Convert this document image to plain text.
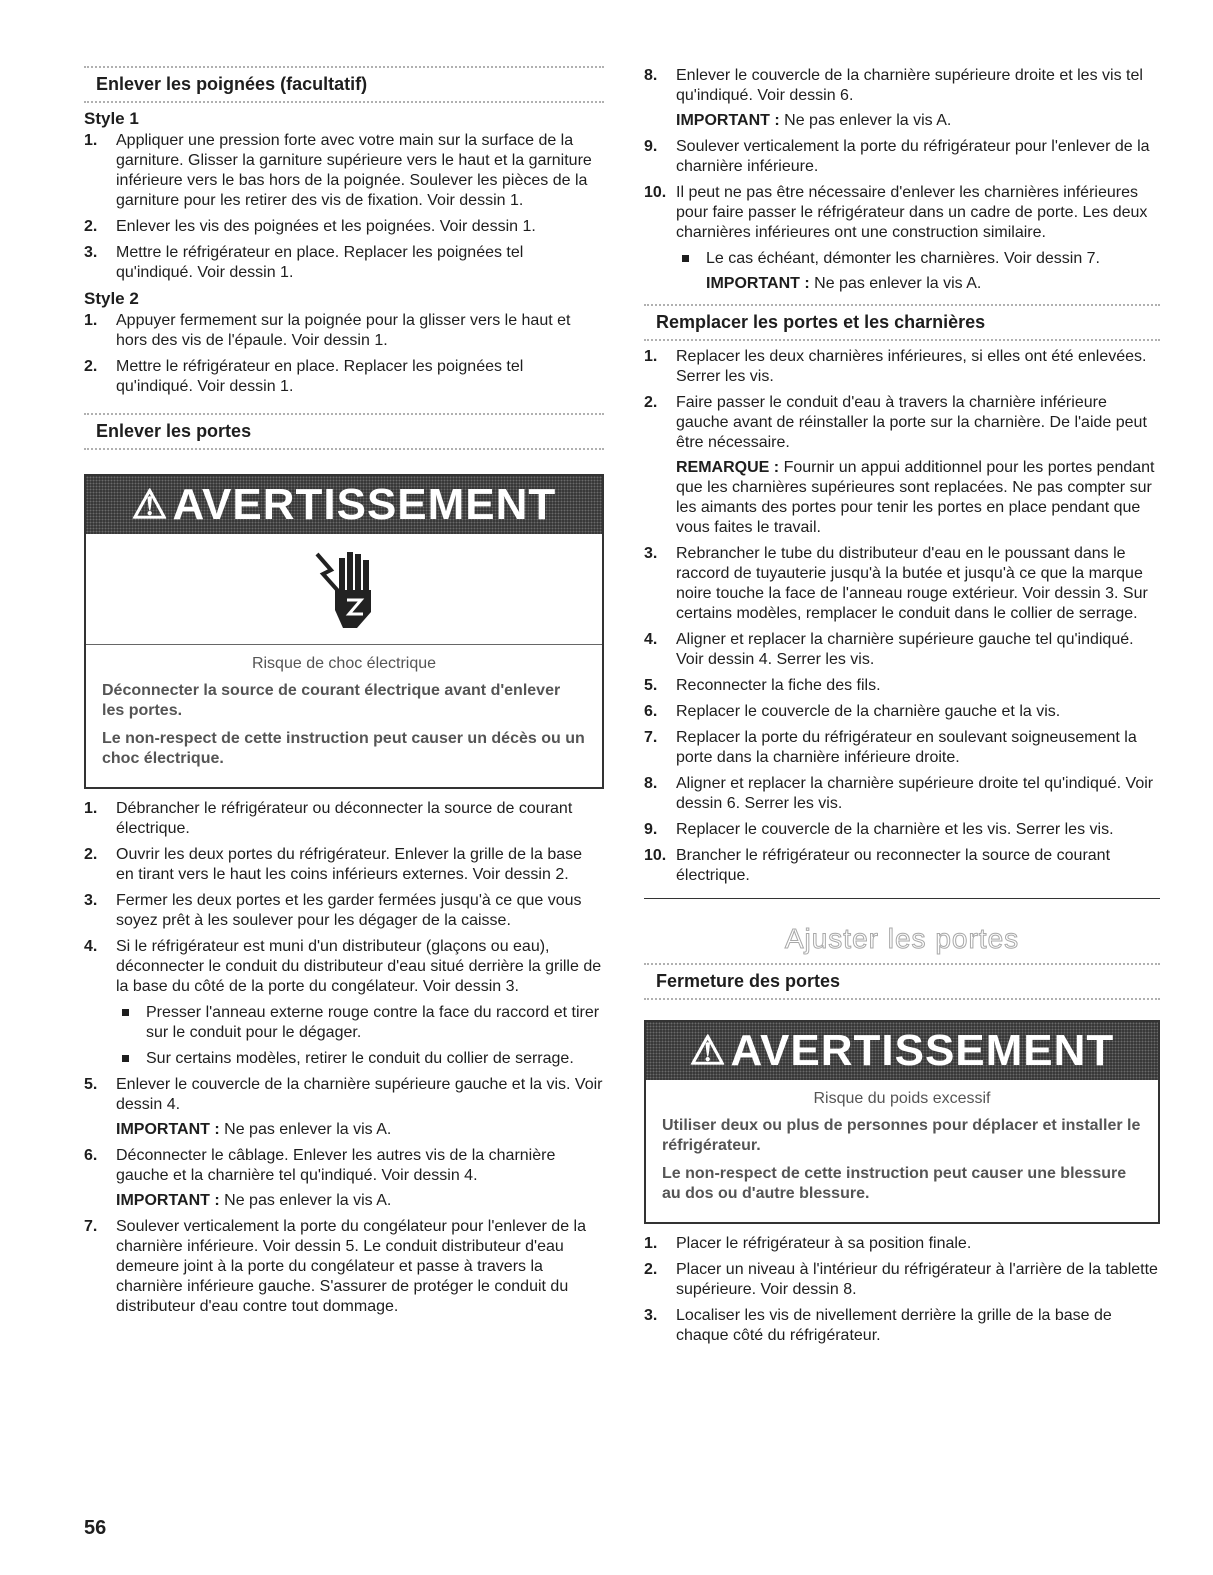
Enlever les poignées (facultatif)
Style 1
1. Appliquer une pression forte avec votre main sur la surface de la garniture. Glisser la garniture supérieure vers le haut et la garniture inférieure vers le bas hors de la poignée. Soulever les pièces de la garniture pour les retirer des vis de fixation. Voir dessin 1.
2. Enlever les vis des poignées et les poignées. Voir dessin 1.
3. Mettre le réfrigérateur en place. Replacer les poignées tel qu'indiqué. Voir dessin 1.
Style 2
1. Appuyer fermement sur la poignée pour la glisser vers le haut et hors des vis de l'épaule. Voir dessin 1.
2. Mettre le réfrigérateur en place. Replacer les poignées tel qu'indiqué. Voir dessin 1.
Enlever les portes
⚠ AVERTISSEMENT
Risque de choc électrique

Déconnecter la source de courant électrique avant d'enlever les portes.

Le non-respect de cette instruction peut causer un décès ou un choc électrique.

1. Débrancher le réfrigérateur ou déconnecter la source de courant électrique.
2. Ouvrir les deux portes du réfrigérateur. Enlever la grille de la base en tirant vers le haut les coins inférieurs externes. Voir dessin 2.
3. Fermer les deux portes et les garder fermées jusqu'à ce que vous soyez prêt à les soulever pour les dégager de la caisse.
4. Si le réfrigérateur est muni d'un distributeur (glaçons ou eau), déconnecter le conduit du distributeur d'eau situé derrière la grille de la base du côté de la porte du congélateur. Voir dessin 3.
Presser l'anneau externe rouge contre la face du raccord et tirer sur le conduit pour le dégager.
Sur certains modèles, retirer le conduit du collier de serrage.
5. Enlever le couvercle de la charnière supérieure gauche et la vis. Voir dessin 4.
IMPORTANT : Ne pas enlever la vis A.
6. Déconnecter le câblage. Enlever les autres vis de la charnière gauche et la charnière tel qu'indiqué. Voir dessin 4.
IMPORTANT : Ne pas enlever la vis A.
7. Soulever verticalement la porte du congélateur pour l'enlever de la charnière inférieure. Voir dessin 5. Le conduit distributeur d'eau demeure joint à la porte du congélateur et passe à travers la charnière inférieure gauche. S'assurer de protéger le conduit du distributeur d'eau contre tout dommage.
8. Enlever le couvercle de la charnière supérieure droite et les vis tel qu'indiqué. Voir dessin 6.
IMPORTANT : Ne pas enlever la vis A.
9. Soulever verticalement la porte du réfrigérateur pour l'enlever de la charnière inférieure.
10. Il peut ne pas être nécessaire d'enlever les charnières inférieures pour faire passer le réfrigérateur dans un cadre de porte. Les deux charnières inférieures ont une construction similaire.
Le cas échéant, démonter les charnières. Voir dessin 7.
IMPORTANT : Ne pas enlever la vis A.
Remplacer les portes et les charnières
1. Replacer les deux charnières inférieures, si elles ont été enlevées. Serrer les vis.
2. Faire passer le conduit d'eau à travers la charnière inférieure gauche avant de réinstaller la porte sur la charnière. De l'aide peut être nécessaire.
REMARQUE : Fournir un appui additionnel pour les portes pendant que les charnières supérieures sont replacées. Ne pas compter sur les aimants des portes pour tenir les portes en place pendant que vous faites le travail.
3. Rebrancher le tube du distributeur d'eau en le poussant dans le raccord de tuyauterie jusqu'à la butée et jusqu'à ce que la marque noire touche la face de l'anneau rouge extérieur. Voir dessin 3. Sur certains modèles, remplacer le conduit dans le collier de serrage.
4. Aligner et replacer la charnière supérieure gauche tel qu'indiqué. Voir dessin 4. Serrer les vis.
5. Reconnecter la fiche des fils.
6. Replacer le couvercle de la charnière gauche et la vis.
7. Replacer la porte du réfrigérateur en soulevant soigneusement la porte dans la charnière inférieure droite.
8. Aligner et replacer la charnière supérieure droite tel qu'indiqué. Voir dessin 6. Serrer les vis.
9. Replacer le couvercle de la charnière et les vis. Serrer les vis.
10. Brancher le réfrigérateur ou reconnecter la source de courant électrique.
Ajuster les portes
Fermeture des portes
⚠ AVERTISSEMENT
Risque du poids excessif

Utiliser deux ou plus de personnes pour déplacer et installer le réfrigérateur.

Le non-respect de cette instruction peut causer une blessure au dos ou d'autre blessure.

1. Placer le réfrigérateur à sa position finale.
2. Placer un niveau à l'intérieur du réfrigérateur à l'arrière de la tablette supérieure. Voir dessin 8.
3. Localiser les vis de nivellement derrière la grille de la base de chaque côté du réfrigérateur.
56
